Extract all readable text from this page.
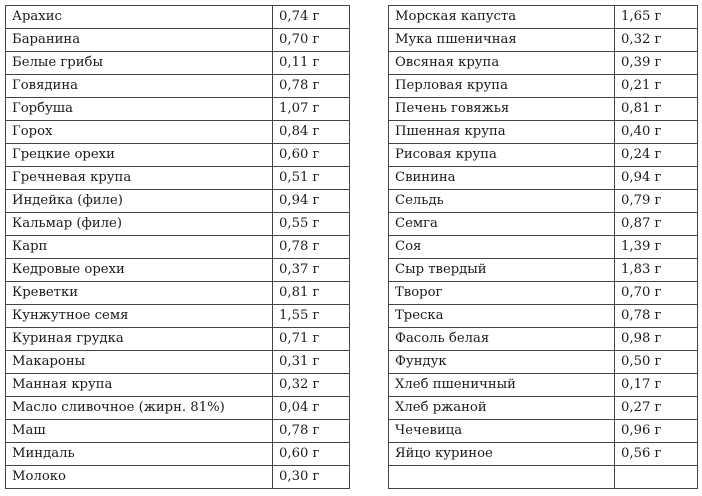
Арахис	0,74 г
Баранина	0,70 г
Белые грибы	0,11 г
Говядина	0,78 г
Горбуша	1,07 г
Горох	0,84 г
Грецкие орехи	0,60 г
Гречневая крупа	0,51 г
Индейка (филе)	0,94 г
Кальмар (филе)	0,55 г
Карп	0,78 г
Кедровые орехи	0,37 г
Креветки	0,81 г
Кунжутное семя	1,55 г
Куриная грудка	0,71 г
Макароны	0,31 г
Манная крупа	0,32 г
Масло сливочное (жирн. 81%)	0,04 г
Маш	0,78 г
Миндаль	0,60 г
Молоко	0,30 г
Морская капуста	1,65 г
Мука пшеничная	0,32 г
Овсяная крупа	0,39 г
Перловая крупа	0,21 г
Печень говяжья	0,81 г
Пшенная крупа	0,40 г
Рисовая крупа	0,24 г
Свинина	0,94 г
Сельдь	0,79 г
Семга	0,87 г
Соя	1,39 г
Сыр твердый	1,83 г
Творог	0,70 г
Треска	0,78 г
Фасоль белая	0,98 г
Фундук	0,50 г
Хлеб пшеничный	0,17 г
Хлеб ржаной	0,27 г
Чечевица	0,96 г
Яйцо куриное	0,56 г
